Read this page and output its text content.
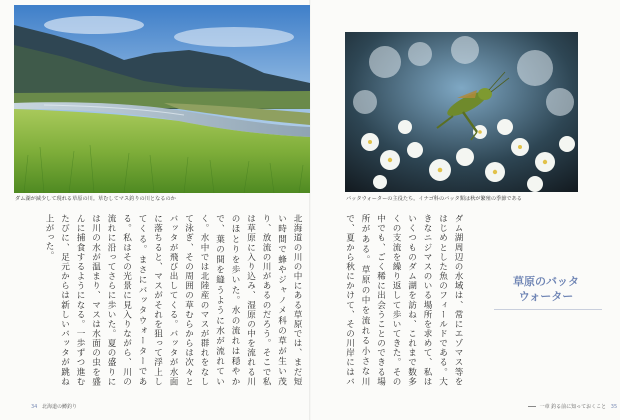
ダム湖が減少して現れる草原の川。草むしてマス釣りの川となるのか	バッタウォーターの主役たち。イナゴ科のバッタ類は秋が繁殖の季節である
北海道の川の中にある草原では、まだ短い時間で蜂やジャノメ科の草が生い茂り、放流の川があるのだろう。そこで私は草原に入り込み、湿原の中を流れる川のほとりを歩いた。水の流れは穏やかで、葉の間を縫うように水が流れていく。水中では北陸産のマスが群れをなして泳ぎ、その周囲の草むらからは次々とバッタが飛び出してくる。バッタが水面に落ちると、マスがそれを狙って浮上してくる。まさにバッタウォーターである。私はその光景に見入りながら、川の流れに沿ってさらに歩いた。夏の盛りには川の水が温まり、マスは水面の虫を盛んに捕食するようになる。一歩ずつ進むたびに、足元からは新しいバッタが跳ね上がった。	ダム湖周辺の水域は、常にエゾマス等をはじめとした魚のフィールドである。大きなニジマスのいる場所を求めて、私はいくつものダム湖を訪ね、これまで数多くの支流を繰り返して歩いてきた。その中でも、ごく稀に出会うことのできる場所がある。草原の中を流れる小さな川で、夏から秋にかけて、その川岸にはバ
草原のバッタ
ウォーター
34 北海道の鱒釣り	一章 釣る前に知っておくこと 35
